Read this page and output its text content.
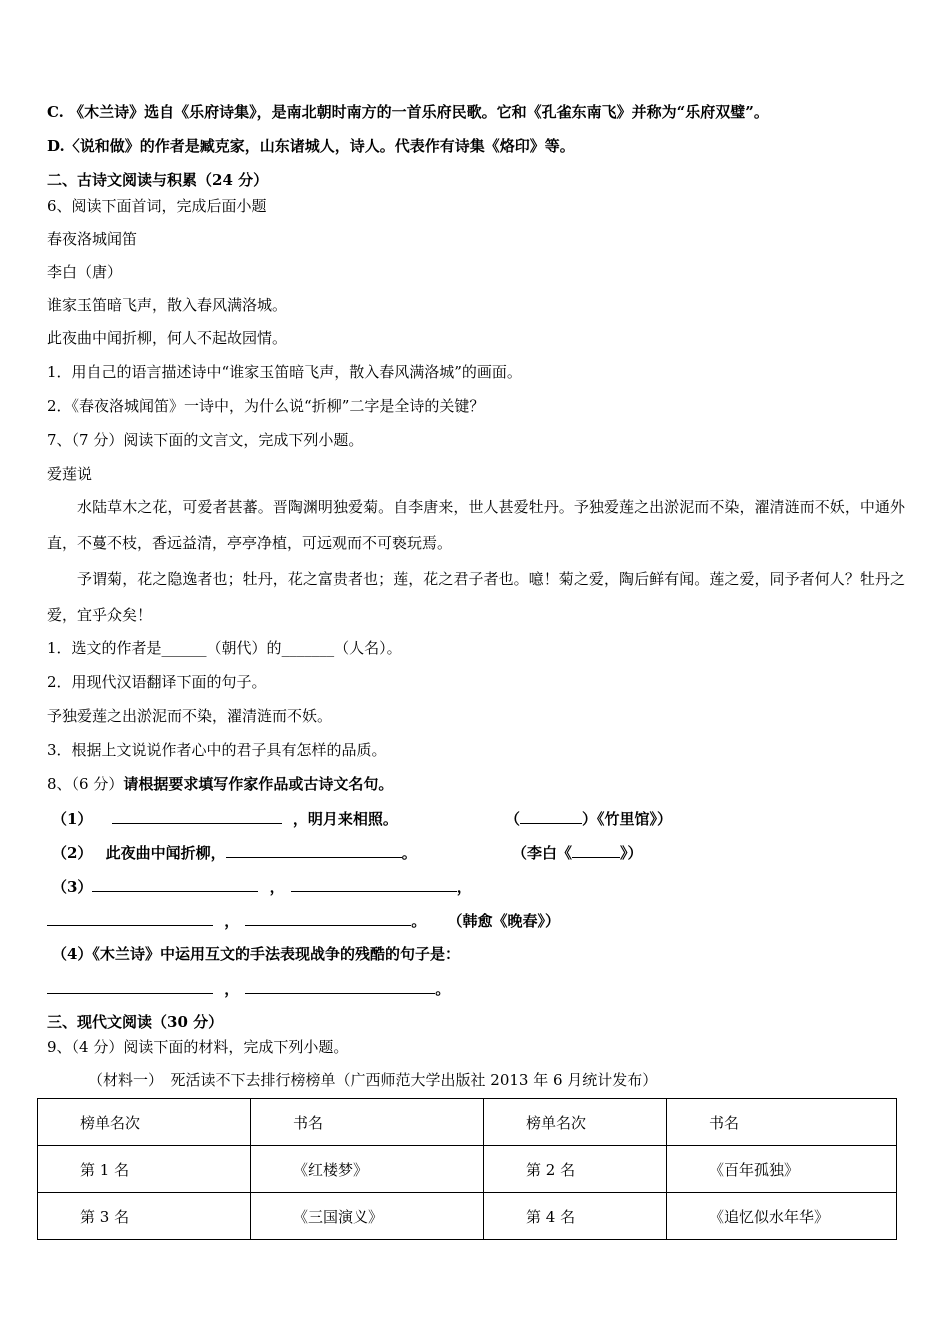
C. 《木兰诗》选自《乐府诗集》，是南北朝时南方的一首乐府民歌。它和《孔雀东南飞》并称为“乐府双璧”。
D.〈说和做》的作者是臧克家，山东诸城人，诗人。代表作有诗集《烙印》等。
二、古诗文阅读与积累（24 分）
6、阅读下面首词，完成后面小题
春夜洛城闻笛
李白（唐）
谁家玉笛暗飞声，散入春风满洛城。
此夜曲中闻折柳，何人不起故园情。
1．用自己的语言描述诗中“谁家玉笛暗飞声，散入春风满洛城”的画面。
2．《春夜洛城闻笛》一诗中，为什么说“折柳”二字是全诗的关键？
7、（7 分）阅读下面的文言文，完成下列小题。
爱莲说
水陆草木之花，可爱者甚蕃。晋陶渊明独爱菊。自李唐来，世人甚爱牡丹。予独爱莲之出淤泥而不染，濯清涟而不妖，中通外直，不蔓不枝，香远益清，亭亭净植，可远观而不可亵玩焉。
予谓菊，花之隐逸者也；牡丹，花之富贵者也；莲，花之君子者也。噫！菊之爱，陶后鲜有闻。莲之爱，同予者何人？牡丹之爱，宜乎众矣！
1．选文的作者是______（朝代）的_______（人名）。
2．用现代汉语翻译下面的句子。
予独爱莲之出淤泥而不染，濯清涟而不妖。
3．根据上文说说作者心中的君子具有怎样的品质。
8、（6 分）请根据要求填写作家作品或古诗文名句。
（1）	，明月来相照。	（	）《竹里馆》）
（2） 此夜曲中闻折柳，	。	（李白《	》）
（3）	，	，
，	。 （韩愈《晚春》）
（4）《木兰诗》中运用互文的手法表现战争的残酷的句子是：
，	。
三、现代文阅读（30 分）
9、（4 分）阅读下面的材料，完成下列小题。
（材料一）　死活读不下去排行榜榜单（广西师范大学出版社 2013 年 6 月统计发布）
榜单名次	书名	榜单名次	书名
第 1 名	《红楼梦》	第 2 名	《百年孤独》
第 3 名	《三国演义》	第 4 名	《追忆似水年华》
